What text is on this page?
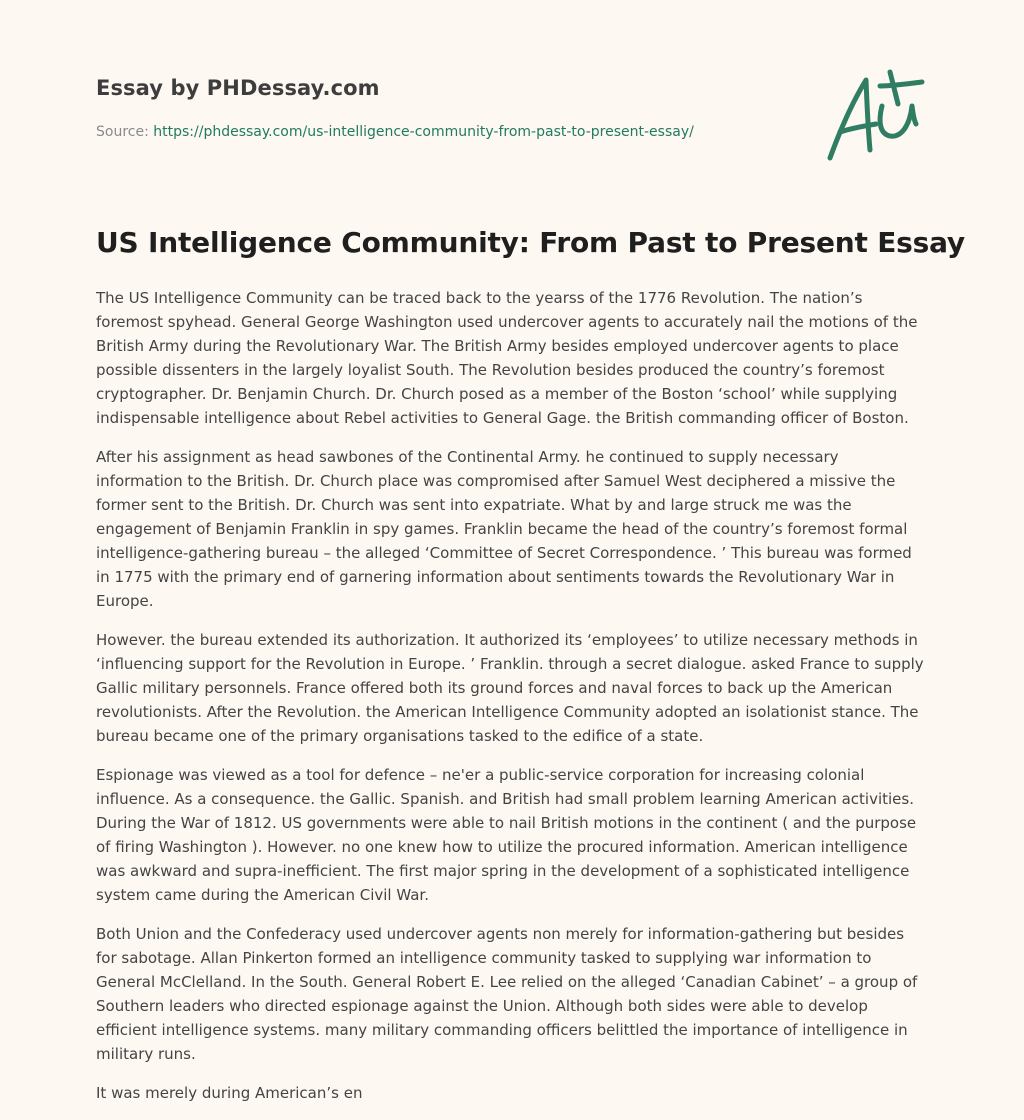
Essay by PHDessay.com
Source: https://phdessay.com/us-intelligence-community-from-past-to-present-essay/
US Intelligence Community: From Past to Present Essay

The US Intelligence Community can be traced back to the yearss of the 1776 Revolution. The nation’s foremost spyhead. General George Washington used undercover agents to accurately nail the motions of the British Army during the Revolutionary War. The British Army besides employed undercover agents to place possible dissenters in the largely loyalist South. The Revolution besides produced the country’s foremost cryptographer. Dr. Benjamin Church. Dr. Church posed as a member of the Boston ‘school’ while supplying indispensable intelligence about Rebel activities to General Gage. the British commanding officer of Boston.

After his assignment as head sawbones of the Continental Army. he continued to supply necessary information to the British. Dr. Church place was compromised after Samuel West deciphered a missive the former sent to the British. Dr. Church was sent into expatriate. What by and large struck me was the engagement of Benjamin Franklin in spy games. Franklin became the head of the country’s foremost formal intelligence-gathering bureau – the alleged ‘Committee of Secret Correspondence. ’ This bureau was formed in 1775 with the primary end of garnering information about sentiments towards the Revolutionary War in Europe.

However. the bureau extended its authorization. It authorized its ‘employees’ to utilize necessary methods in ‘influencing support for the Revolution in Europe. ’ Franklin. through a secret dialogue. asked France to supply Gallic military personnels. France offered both its ground forces and naval forces to back up the American revolutionists. After the Revolution. the American Intelligence Community adopted an isolationist stance. The bureau became one of the primary organisations tasked to the edifice of a state.

Espionage was viewed as a tool for defence – ne'er a public-service corporation for increasing colonial influence. As a consequence. the Gallic. Spanish. and British had small problem learning American activities. During the War of 1812. US governments were able to nail British motions in the continent ( and the purpose of firing Washington ). However. no one knew how to utilize the procured information. American intelligence was awkward and supra-inefficient. The first major spring in the development of a sophisticated intelligence system came during the American Civil War.

Both Union and the Confederacy used undercover agents non merely for information-gathering but besides for sabotage. Allan Pinkerton formed an intelligence community tasked to supplying war information to General McClelland. In the South. General Robert E. Lee relied on the alleged ‘Canadian Cabinet’ – a group of Southern leaders who directed espionage against the Union. Although both sides were able to develop efficient intelligence systems. many military commanding officers belittled the importance of intelligence in military runs.

It was merely during American’s en
